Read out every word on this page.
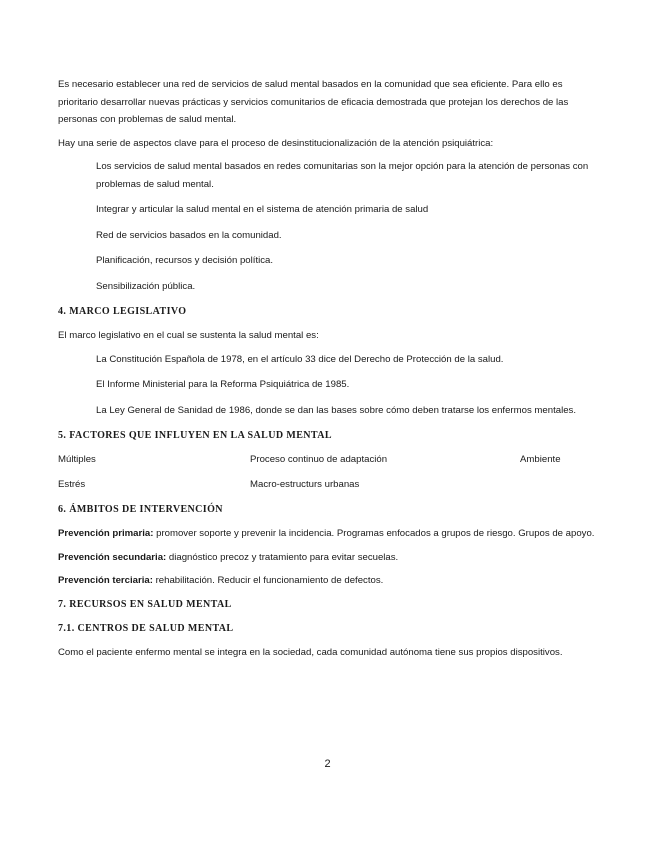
Es necesario establecer una red de servicios de salud mental basados en la comunidad que sea eficiente. Para ello es prioritario desarrollar nuevas prácticas y servicios comunitarios de eficacia demostrada que protejan los derechos de las personas con problemas de salud mental.

Hay una serie de aspectos clave para el proceso de desinstitucionalización de la atención psiquiátrica:

Los servicios de salud mental basados en redes comunitarias son la mejor opción para la atención de personas con problemas de salud mental.

Integrar y articular la salud mental en el sistema de atención primaria de salud

Red de servicios basados en la comunidad.

Planificación, recursos y decisión política.

Sensibilización pública.

4. MARCO LEGISLATIVO

El marco legislativo en el cual se sustenta la salud mental es:

La Constitución Española de 1978, en el artículo 33 dice del Derecho de Protección de la salud.

El Informe Ministerial para la Reforma Psiquiátrica de 1985.

La Ley General de Sanidad de 1986, donde se dan las bases sobre cómo deben tratarse los enfermos mentales.

5. FACTORES QUE INFLUYEN EN LA SALUD MENTAL

Múltiples	Proceso continuo de adaptación	Ambiente
Estrés	Macro-estructurs urbanas

6. ÁMBITOS DE INTERVENCIÓN

Prevención primaria: promover soporte y prevenir la incidencia. Programas enfocados a grupos de riesgo. Grupos de apoyo.

Prevención secundaria: diagnóstico precoz y tratamiento para evitar secuelas.

Prevención terciaria: rehabilitación. Reducir el funcionamiento de defectos.

7. RECURSOS EN SALUD MENTAL

7.1. CENTROS DE SALUD MENTAL

Como el paciente enfermo mental se integra en la sociedad, cada comunidad autónoma tiene sus propios dispositivos.

2
